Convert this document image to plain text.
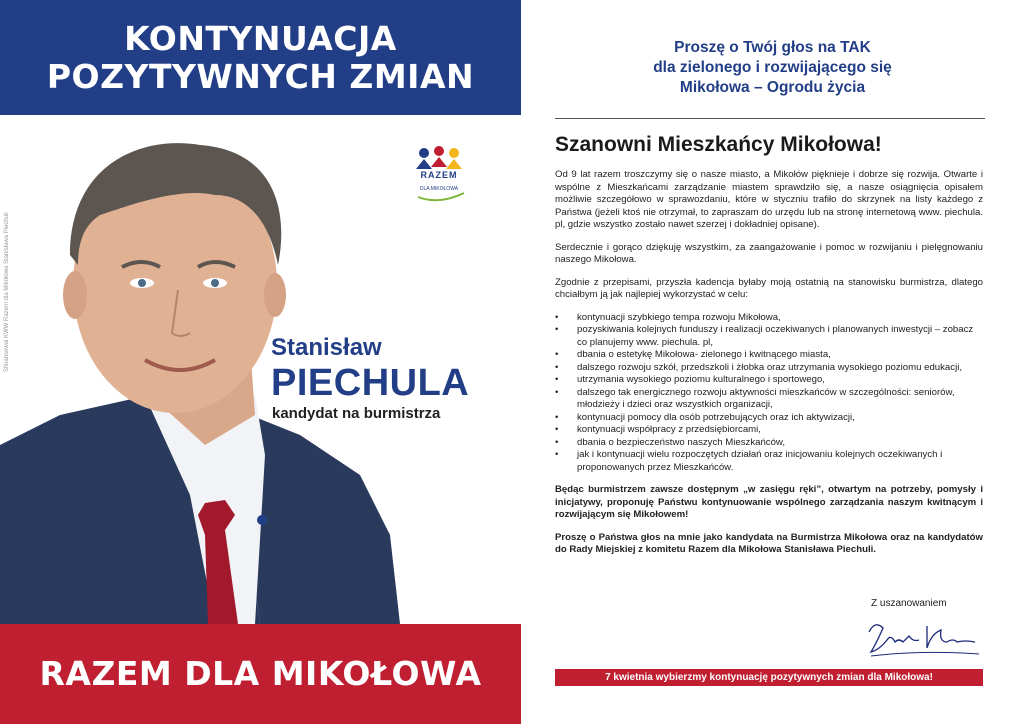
KONTYNUACJA
POZYTYWNYCH ZMIAN
Sfinansował KWW Razem dla Mikołowa Stanisława Piechuli
RAZEM
DLA MIKOŁOWA
Stanisław
PIECHULA
kandydat na burmistrza
RAZEM DLA MIKOŁOWA
Proszę o Twój głos na TAK
dla zielonego i rozwijającego się
Mikołowa – Ogrodu życia
Szanowni Mieszkańcy Mikołowa!

Od 9 lat razem troszczymy się o nasze miasto, a Mikołów pięknieje i dobrze się rozwija. Otwarte i wspólne z Mieszkańcami zarządzanie miastem sprawdziło się, a nasze osiągnięcia opisałem możliwie szczegółowo w sprawozdaniu, które w styczniu trafiło do skrzynek na listy każdego z Państwa (jeżeli ktoś nie otrzymał, to zapraszam do urzędu lub na stronę internetową www. piechula. pl, gdzie wszystko zostało nawet szerzej i dokładniej opisane).

Serdecznie i gorąco dziękuję wszystkim, za zaangażowanie i pomoc w rozwijaniu i pielęgnowaniu naszego Mikołowa.

Zgodnie z przepisami, przyszła kadencja byłaby moją ostatnią na stanowisku burmistrza, dlatego chciałbym ją jak najlepiej wykorzystać w celu:

• kontynuacji szybkiego tempa rozwoju Mikołowa,
• pozyskiwania kolejnych funduszy i realizacji oczekiwanych i planowanych inwestycji – zobacz co planujemy www. piechula. pl,
• dbania o estetykę Mikołowa- zielonego i kwitnącego miasta,
• dalszego rozwoju szkół, przedszkoli i żłobka oraz utrzymania wysokiego poziomu edukacji,
• utrzymania wysokiego poziomu kulturalnego i sportowego,
• dalszego tak energicznego rozwoju aktywności mieszkańców w szczególności: seniorów, młodzieży i dzieci oraz wszystkich organizacji,
• kontynuacji pomocy dla osób potrzebujących oraz ich aktywizacji,
• kontynuacji współpracy z przedsiębiorcami,
• dbania o bezpieczeństwo naszych Mieszkańców,
• jak i kontynuacji wielu rozpoczętych działań oraz inicjowaniu kolejnych oczekiwanych i proponowanych przez Mieszkańców.

Będąc burmistrzem zawsze dostępnym „w zasięgu ręki”, otwartym na potrzeby, pomysły i inicjatywy, proponuję Państwu kontynuowanie wspólnego zarządzania naszym kwitnącym i rozwijającym się Mikołowem!

Proszę o Państwa głos na mnie jako kandydata na Burmistrza Mikołowa oraz na kandydatów do Rady Miejskiej z komitetu Razem dla Mikołowa Stanisława Piechuli.

Z uszanowaniem
7 kwietnia wybierzmy kontynuację pozytywnych zmian dla Mikołowa!
